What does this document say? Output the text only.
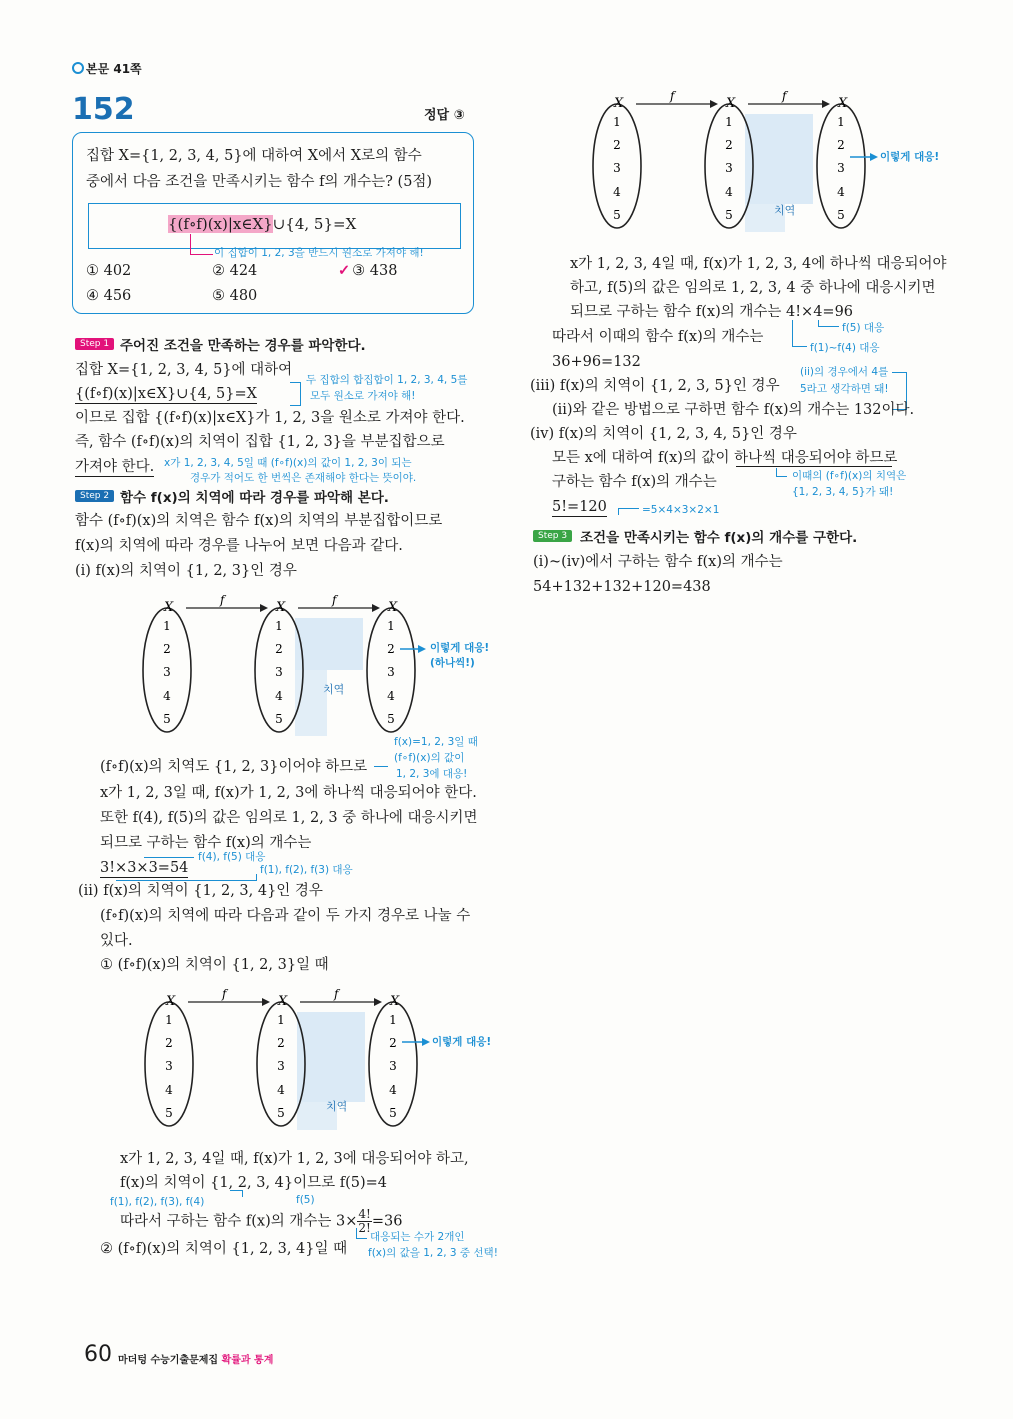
본문 41쪽
152	정답 ③
집합 X={1, 2, 3, 4, 5}에 대하여 X에서 X로의 함수
중에서 다음 조건을 만족시키는 함수 f의 개수는? (5점)
{(f∘f)(x)|x∈X}∪{4, 5}=X
이 집합이 1, 2, 3을 반드시 원소로 가져야 해!
① 402	② 424	✓ ③ 438
④ 456	⑤ 480
Step 1 주어진 조건을 만족하는 경우를 파악한다.
집합 X={1, 2, 3, 4, 5}에 대하여
{(f∘f)(x)|x∈X}∪{4, 5}=X
두 집합의 합집합이 1, 2, 3, 4, 5를
모두 원소로 가져야 해!
이므로 집합 {(f∘f)(x)|x∈X}가 1, 2, 3을 원소로 가져야 한다.
즉, 함수 (f∘f)(x)의 치역이 집합 {1, 2, 3}을 부분집합으로
가져야 한다. x가 1, 2, 3, 4, 5일 때 (f∘f)(x)의 값이 1, 2, 3이 되는
경우가 적어도 한 번씩은 존재해야 한다는 뜻이야.
Step 2 함수 f(x)의 치역에 따라 경우를 파악해 본다.
함수 (f∘f)(x)의 치역은 함수 f(x)의 치역의 부분집합이므로
f(x)의 치역에 따라 경우를 나누어 보면 다음과 같다.
(i) f(x)의 치역이 {1, 2, 3}인 경우
X	X	X
f	f
1
2
3
4
5
1
2
3
4
5
1
2
3
4
5
치역
이렇게 대응!
(하나씩!)
f(x)=1, 2, 3일 때
(f∘f)(x)의 값이
1, 2, 3에 대응!
(f∘f)(x)의 치역도 {1, 2, 3}이어야 하므로
x가 1, 2, 3일 때, f(x)가 1, 2, 3에 하나씩 대응되어야 한다.
또한 f(4), f(5)의 값은 임의로 1, 2, 3 중 하나에 대응시키면
되므로 구하는 함수 f(x)의 개수는
3!×3×3=54
f(4), f(5) 대응
f(1), f(2), f(3) 대응
(ii) f(x)의 치역이 {1, 2, 3, 4}인 경우
(f∘f)(x)의 치역에 따라 다음과 같이 두 가지 경우로 나눌 수
있다.
① (f∘f)(x)의 치역이 {1, 2, 3}일 때
X	X	X
f	f
1
2
3
4
5
1
2
3
4
5
1
2
3
4
5
치역
이렇게 대응!
x가 1, 2, 3, 4일 때, f(x)가 1, 2, 3에 대응되어야 하고,
f(x)의 치역이 {1, 2, 3, 4}이므로 f(5)=4
f(1), f(2), f(3), f(4)	f(5)
따라서 구하는 함수 f(x)의 개수는 $3\times \frac{4!}{2!} =36$
대응되는 수가 2개인
f(x)의 값을 1, 2, 3 중 선택!
② (f∘f)(x)의 치역이 {1, 2, 3, 4}일 때
X	X	X
f	f
1
2
3
4
5
1
2
3
4
5
1
2
3
4
5
치역
이렇게 대응!
x가 1, 2, 3, 4일 때, f(x)가 1, 2, 3, 4에 하나씩 대응되어야
하고, f(5)의 값은 임의로 1, 2, 3, 4 중 하나에 대응시키면
되므로 구하는 함수 f(x)의 개수는 4!×4=96
f(5) 대응
f(1)~f(4) 대응
따라서 이때의 함수 f(x)의 개수는
36+96=132
(ii)의 경우에서 4를
5라고 생각하면 돼!
(iii) f(x)의 치역이 {1, 2, 3, 5}인 경우
(ii)와 같은 방법으로 구하면 함수 f(x)의 개수는 132이다.
(iv) f(x)의 치역이 {1, 2, 3, 4, 5}인 경우
모든 x에 대하여 f(x)의 값이 하나씩 대응되어야 하므로
이때의 (f∘f)(x)의 치역은
{1, 2, 3, 4, 5}가 돼!
구하는 함수 f(x)의 개수는
5!=120	=5×4×3×2×1
Step 3 조건을 만족시키는 함수 f(x)의 개수를 구한다.
(i)~(iv)에서 구하는 함수 f(x)의 개수는
54+132+132+120=438
60 마더텅 수능기출문제집 확률과 통계
